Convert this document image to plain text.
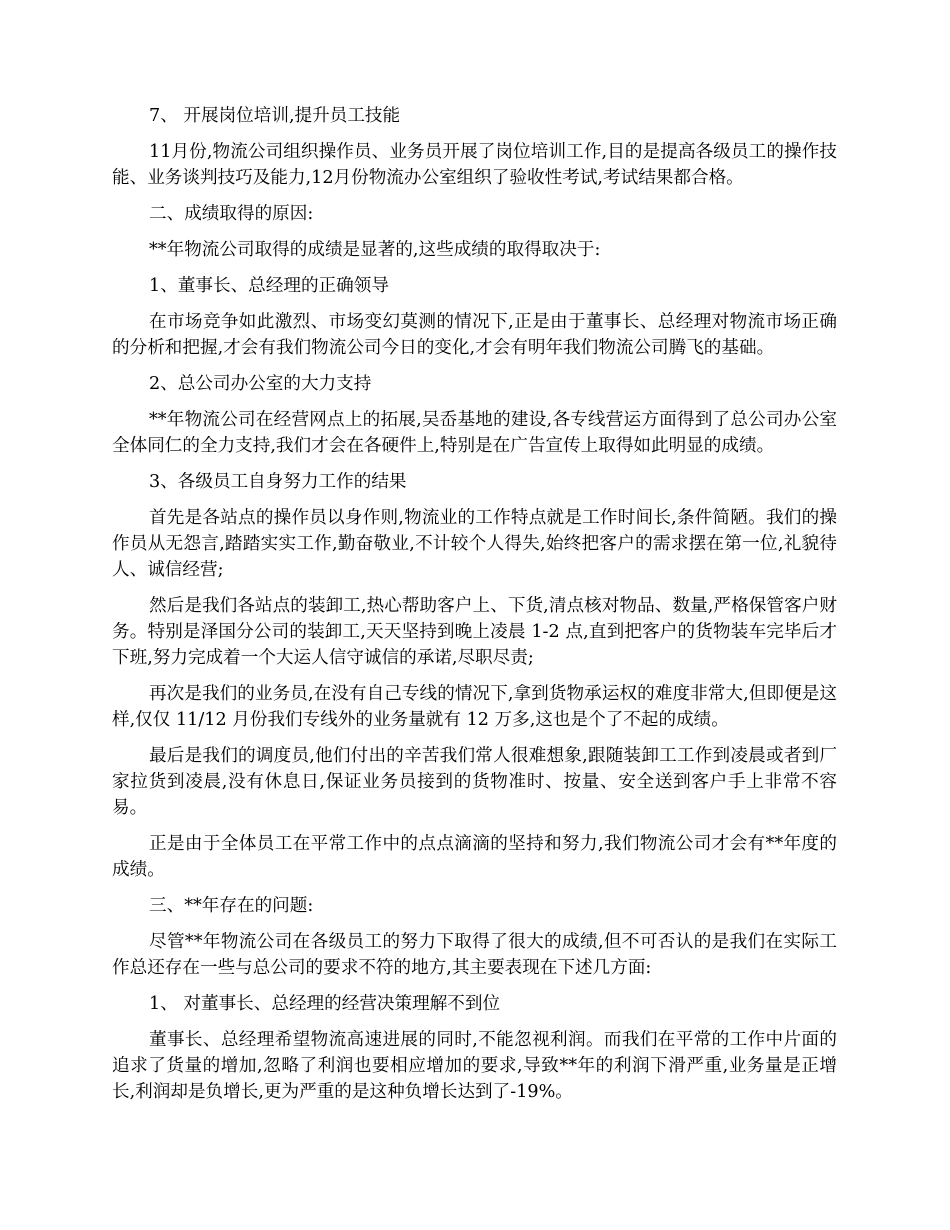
7、 开展岗位培训,提升员工技能

11月份,物流公司组织操作员、业务员开展了岗位培训工作,目的是提高各级员工的操作技能、业务谈判技巧及能力,12月份物流办公室组织了验收性考试,考试结果都合格。

二、成绩取得的原因:

**年物流公司取得的成绩是显著的,这些成绩的取得取决于:

1、董事长、总经理的正确领导

在市场竞争如此激烈、市场变幻莫测的情况下,正是由于董事长、总经理对物流市场正确的分析和把握,才会有我们物流公司今日的变化,才会有明年我们物流公司腾飞的基础。

2、总公司办公室的大力支持

**年物流公司在经营网点上的拓展,吴岙基地的建设,各专线营运方面得到了总公司办公室全体同仁的全力支持,我们才会在各硬件上,特别是在广告宣传上取得如此明显的成绩。

3、各级员工自身努力工作的结果

首先是各站点的操作员以身作则,物流业的工作特点就是工作时间长,条件简陋。我们的操作员从无怨言,踏踏实实工作,勤奋敬业,不计较个人得失,始终把客户的需求摆在第一位,礼貌待人、诚信经营;

然后是我们各站点的装卸工,热心帮助客户上、下货,清点核对物品、数量,严格保管客户财务。特别是泽国分公司的装卸工,天天坚持到晚上凌晨 1-2 点,直到把客户的货物装车完毕后才下班,努力完成着一个大运人信守诚信的承诺,尽职尽责;

再次是我们的业务员,在没有自己专线的情况下,拿到货物承运权的难度非常大,但即便是这样,仅仅 11/12 月份我们专线外的业务量就有 12 万多,这也是个了不起的成绩。

最后是我们的调度员,他们付出的辛苦我们常人很难想象,跟随装卸工工作到凌晨或者到厂家拉货到凌晨,没有休息日,保证业务员接到的货物准时、按量、安全送到客户手上非常不容易。

正是由于全体员工在平常工作中的点点滴滴的坚持和努力,我们物流公司才会有**年度的成绩。

三、**年存在的问题:

尽管**年物流公司在各级员工的努力下取得了很大的成绩,但不可否认的是我们在实际工作总还存在一些与总公司的要求不符的地方,其主要表现在下述几方面:

1、 对董事长、总经理的经营决策理解不到位

董事长、总经理希望物流高速进展的同时,不能忽视利润。而我们在平常的工作中片面的追求了货量的增加,忽略了利润也要相应增加的要求,导致**年的利润下滑严重,业务量是正增长,利润却是负增长,更为严重的是这种负增长达到了-19%。
